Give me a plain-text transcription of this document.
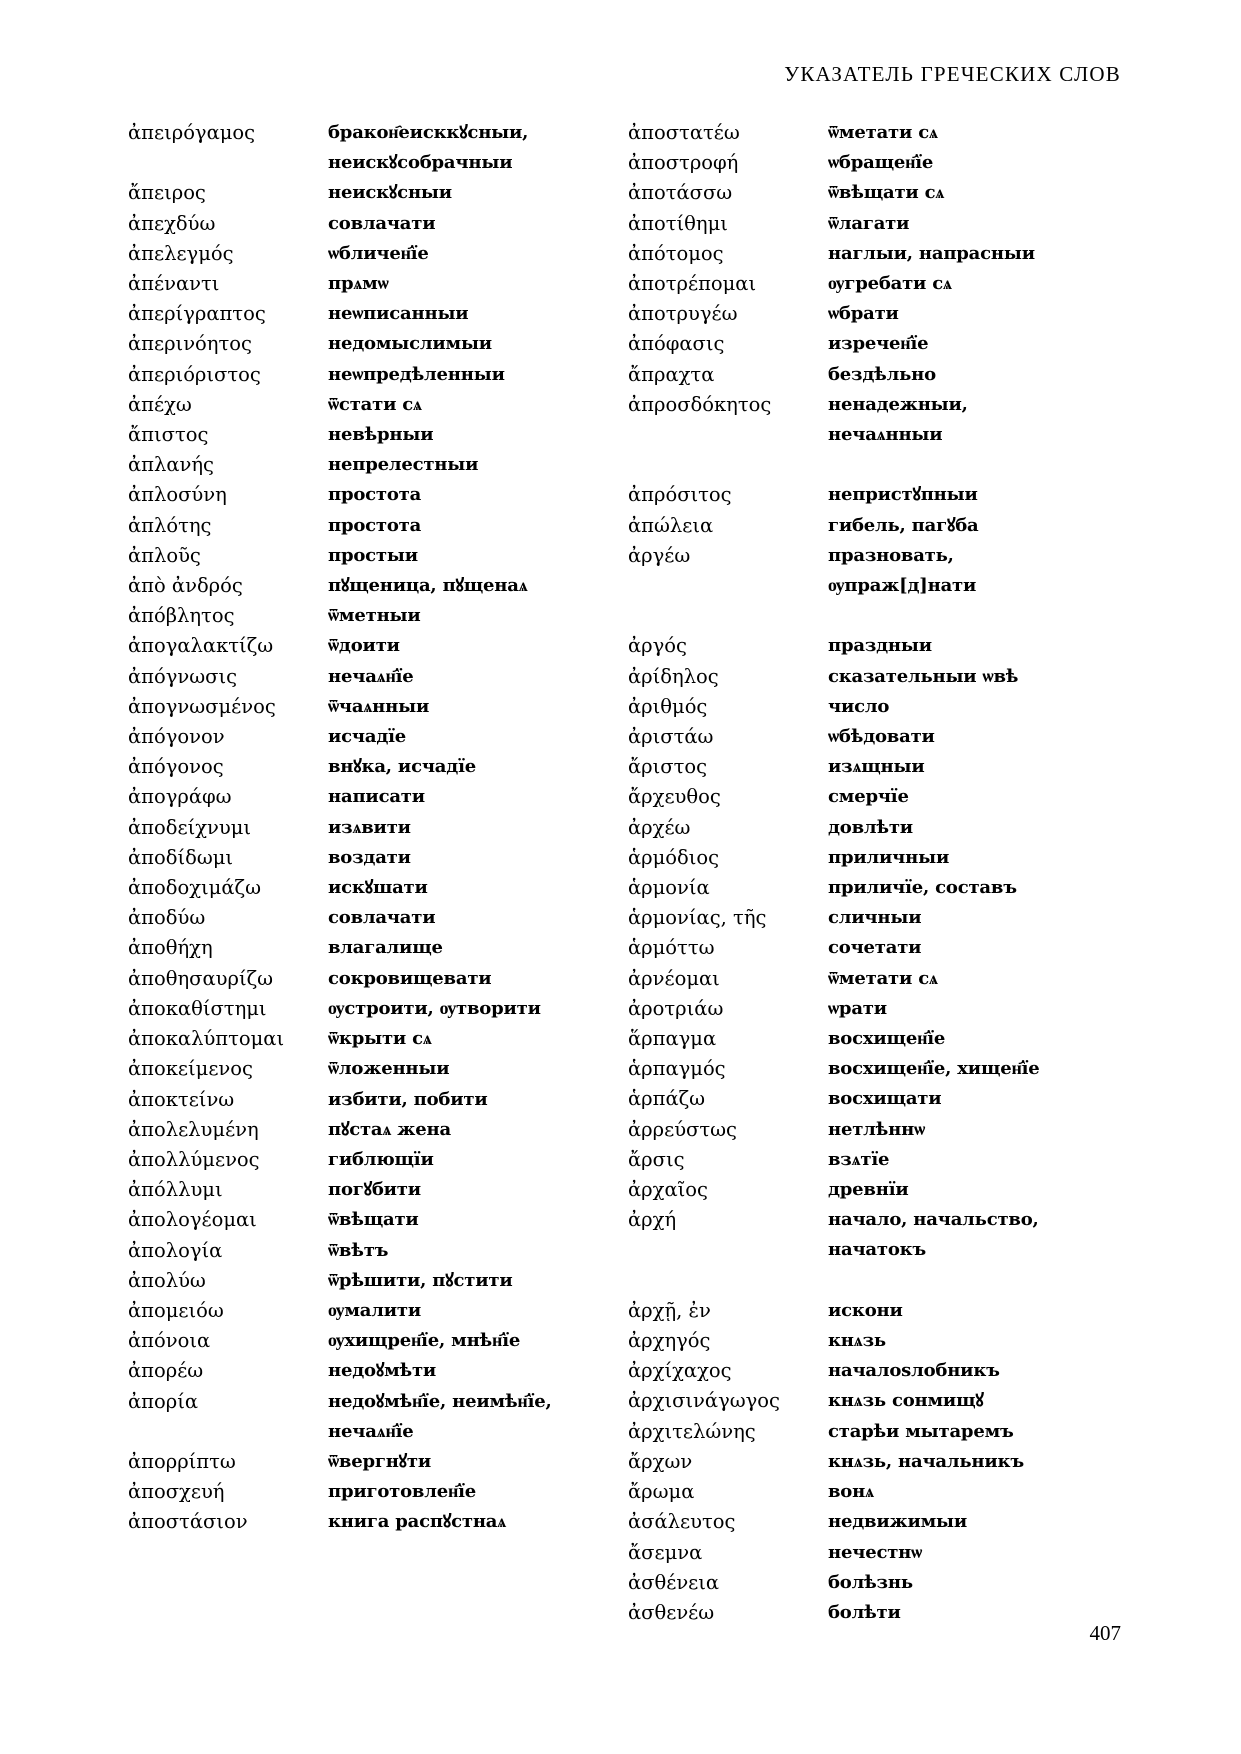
УКАЗАТЕЛЬ ГРЕЧЕСКИХ СЛОВ
ἀπειρόγαμος	бракон҄еисккꙋсныи,
неискꙋсобрачныи
ἄπειρος	неискꙋсныи
ἀπεχδύω	совлачати
ἀπελεγμός	ѡбличен҄їе
ἀπέναντι	прѧмѡ
ἀπερίγραπτος	неѡписанныи
ἀπερινόητος	недомыслимыи
ἀπεριόριστος	неѡпредѣленныи
ἀπέχω	ѿстати сѧ
ἄπιστος	невѣрныи
ἀπλανής	непрелестныи
ἀπλοσύνη	простота
ἀπλότης	простота
ἀπλοῦς	простыи
ἀπὸ ἀνδρός	пꙋщеница, пꙋщенаѧ
ἀπόβλητος	ѿметныи
ἀπογαλακτίζω	ѿдоити
ἀπόγνωσις	нечаѧн҄їе
ἀπογνωσμένος	ѿчаѧнныи
ἀπόγονον	исчадїе
ἀπόγονος	внꙋка, исчадїе
ἀπογράφω	написати
ἀποδείχνυμι	изѧвити
ἀποδίδωμι	воздати
ἀποδοχιμάζω	искꙋшати
ἀποδύω	совлачати
ἀποθήχη	влагалище
ἀποθησαυρίζω	сокровищевати
ἀποκαθίστημι	ѹстроити, ѹтворити
ἀποκαλύπτομαι	ѿкрыти сѧ
ἀποκείμενος	ѿложенныи
ἀποκτείνω	избити, побити
ἀπολελυμένη	пꙋстаѧ жена
ἀπολλύμενος	гиблющїи
ἀπόλλυμι	погꙋбити
ἀπολογέομαι	ѿвѣщати
ἀπολογία	ѿвѣтъ
ἀπολύω	ѿрѣшити, пꙋстити
ἀπομειόω	ѹмалити
ἀπόνοια	ѹхищрен҄їе, мнѣн҄їе
ἀπορέω	недоꙋмѣти
ἀπορία	недоꙋмѣн҄їе, неимѣн҄їе,
нечаѧн҄їе
ἀπορρίπτω	ѿвергнꙋти
ἀποσχευή	приготовлен҄їе
ἀποστάσιον	книга распꙋстнаѧ
ἀποστατέω	ѿметати сѧ
ἀποστροφή	ѡбращен҄їе
ἀποτάσσω	ѿвѣщати сѧ
ἀποτίθημι	ѿлагати
ἀπότομος	наглыи, напрасныи
ἀποτρέπομαι	ѹгребати сѧ
ἀποτρυγέω	ѡбрати
ἀπόφασις	изречен҄їе
ἄπραχτα	бездѣльно
ἀπροσδόκητος	ненадежныи,
нечаѧнныи
ἀπρόσιτος	непристꙋпныи
ἀπώλεια	гибель, пагꙋба
ἀργέω	празновать,
ѹпраж[д]нати
ἀργός	праздныи
ἀρίδηλος	сказательныи ѡвѣ
ἀριθμός	число
ἀριστάω	ѡбѣдовати
ἄριστος	изѧщныи
ἄρχευθος	смерчїе
ἀρχέω	довлѣти
ἁρμόδιος	приличныи
ἁρμονία	приличїе, составъ
ἁρμονίας, τῆς	сличныи
ἁρμόττω	сочетати
ἀρνέομαι	ѿметати сѧ
ἀροτριάω	ѡрати
ἅρπαγμα	восхищен҄їе
ἁρπαγμός	восхищен҄їе, хищен҄їе
ἁρπάζω	восхищати
ἀρρεύστως	нетлѣннѡ
ἄρσις	взѧтїе
ἀρχαῖος	древнїи
ἀρχή	начало, начальство,
начатокъ
ἀρχῇ, ἐν	искони
ἀρχηγός	кнѧзь
ἀρχίχαχος	началоѕлобникъ
ἀρχισινάγωγος	кнѧзь сонмищꙋ
ἀρχιτελώνης	старѣи мытаремъ
ἄρχων	кнѧзь, начальникъ
ἄρωμα	вонѧ
ἀσάλευτος	недвижимыи
ἄσεμνα	нечестнѡ
ἀσθένεια	болѣзнь
ἀσθενέω	болѣти
407
